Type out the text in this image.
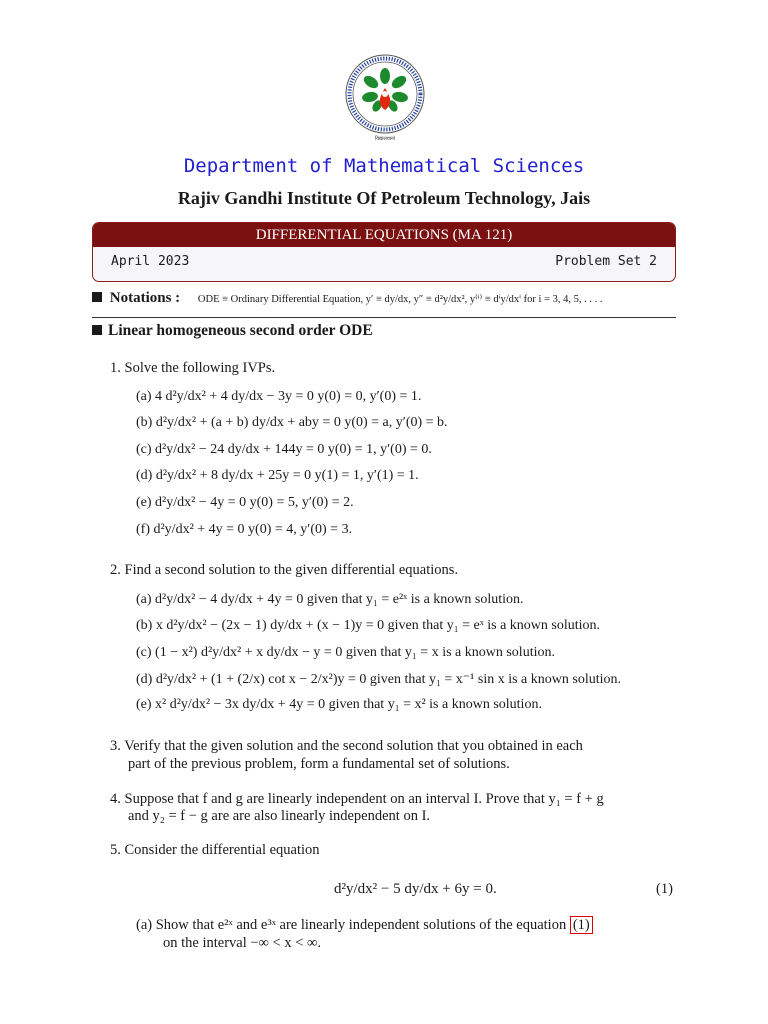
विद्यालयानां
Department of Mathematical Sciences
Rajiv Gandhi Institute Of Petroleum Technology, Jais
DIFFERENTIAL EQUATIONS (MA 121)
April 2023	Problem Set 2
Notations : ODE ≡ Ordinary Differential Equation, y′ ≡ dy/dx, y″ ≡ d²y/dx², y⁽ⁱ⁾ ≡ dⁱy/dxⁱ for i = 3, 4, 5, . . . .
Linear homogeneous second order ODE
1. Solve the following IVPs.
(a) 4 d²y/dx² + 4 dy/dx − 3y = 0 y(0) = 0, y′(0) = 1.
(b) d²y/dx² + (a + b) dy/dx + aby = 0 y(0) = a, y′(0) = b.
(c) d²y/dx² − 24 dy/dx + 144y = 0 y(0) = 1, y′(0) = 0.
(d) d²y/dx² + 8 dy/dx + 25y = 0 y(1) = 1, y′(1) = 1.
(e) d²y/dx² − 4y = 0 y(0) = 5, y′(0) = 2.
(f) d²y/dx² + 4y = 0 y(0) = 4, y′(0) = 3.
2. Find a second solution to the given differential equations.
(a) d²y/dx² − 4 dy/dx + 4y = 0 given that y₁ = e²ˣ is a known solution.
(b) x d²y/dx² − (2x − 1) dy/dx + (x − 1)y = 0 given that y₁ = eˣ is a known solution.
(c) (1 − x²) d²y/dx² + x dy/dx − y = 0 given that y₁ = x is a known solution.
(d) d²y/dx² + (1 + (2/x) cot x − 2/x²)y = 0 given that y₁ = x⁻¹ sin x is a known solution.
(e) x² d²y/dx² − 3x dy/dx + 4y = 0 given that y₁ = x² is a known solution.
3. Verify that the given solution and the second solution that you obtained in each
part of the previous problem, form a fundamental set of solutions.
4. Suppose that f and g are linearly independent on an interval I. Prove that y₁ = f + g
and y₂ = f − g are are also linearly independent on I.
5. Consider the differential equation
d²y/dx² − 5 dy/dx + 6y = 0.	(1)
(a) Show that e²ˣ and e³ˣ are linearly independent solutions of the equation (1)
on the interval −∞ < x < ∞.
